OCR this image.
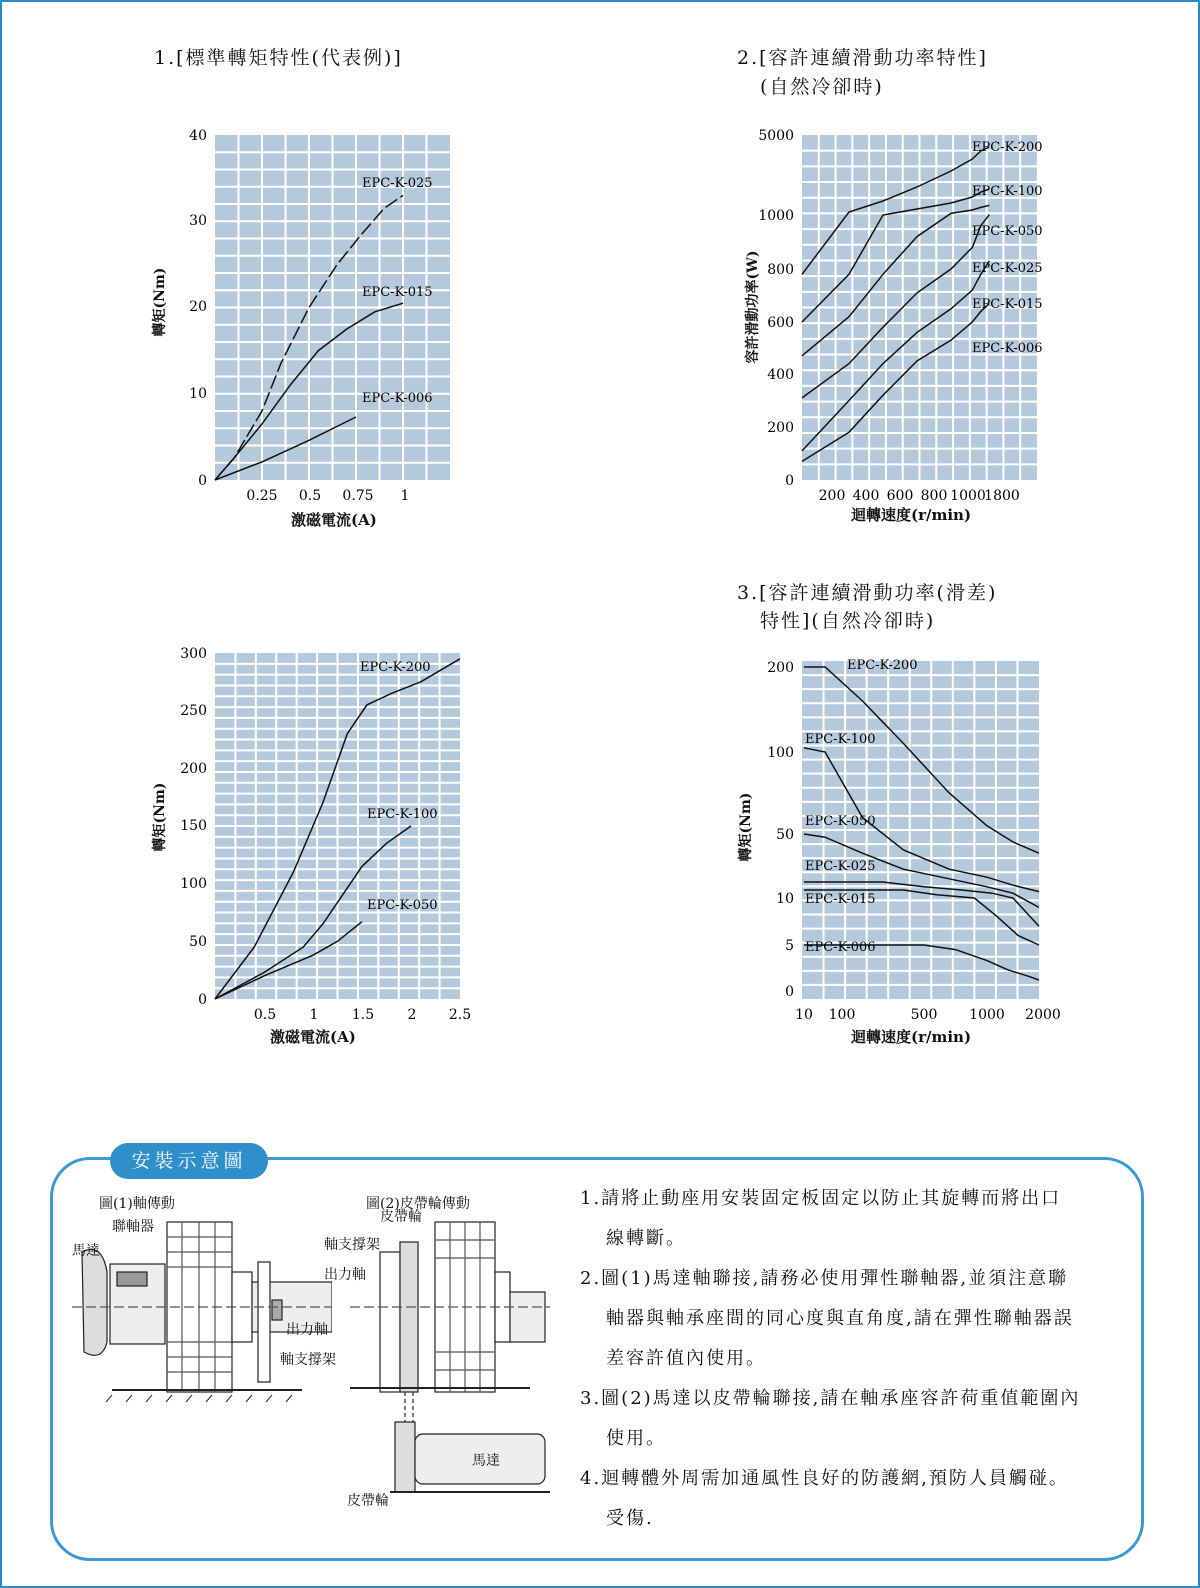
1.[標準轉矩特性(代表例)]	2.[容許連續滑動功率特性]
(自然冷卻時)
3.[容許連續滑動功率(滑差)
特性](自然冷卻時)
轉矩(Nm)
激磁電流(A)
容許滑動功率(W)
迴轉速度(r/min)
轉矩(Nm)
激磁電流(A)
轉矩(Nm)
迴轉速度(r/min)
0
10
20
30
40
0.25 0.5 0.75 1
EPC-K-025
EPC-K-015
EPC-K-006
0
200
400
600
800
1000
5000
200 400 600 800 1000
1800
EPC-K-200
EPC-K-100
EPC-K-050
EPC-K-025
EPC-K-015
EPC-K-006
0
50
100
150
200
250
300
0.5 1 1.5 2 2.5
EPC-K-200
EPC-K-100
EPC-K-050
0
5
10
50
100
200
10 100	500 1000 2000
EPC-K-200
EPC-K-100
EPC-K-050
EPC-K-025
EPC-K-015
EPC-K-006
安裝示意圖
圖(1)軸傳動	圖(2)皮帶輪傳動
聯軸器
馬達
出力軸
軸支撐架
皮帶輪
軸支撐架
出力軸
馬達
皮帶輪
1.請將止動座用安裝固定板固定以防止其旋轉而將出口
線轉斷。
2.圖(1)馬達軸聯接,請務必使用彈性聯軸器,並須注意聯
軸器與軸承座間的同心度與直角度,請在彈性聯軸器誤
差容許值內使用。
3.圖(2)馬達以皮帶輪聯接,請在軸承座容許荷重值範圍內
使用。
4.迴轉體外周需加通風性良好的防護網,預防人員觸碰。
受傷.
